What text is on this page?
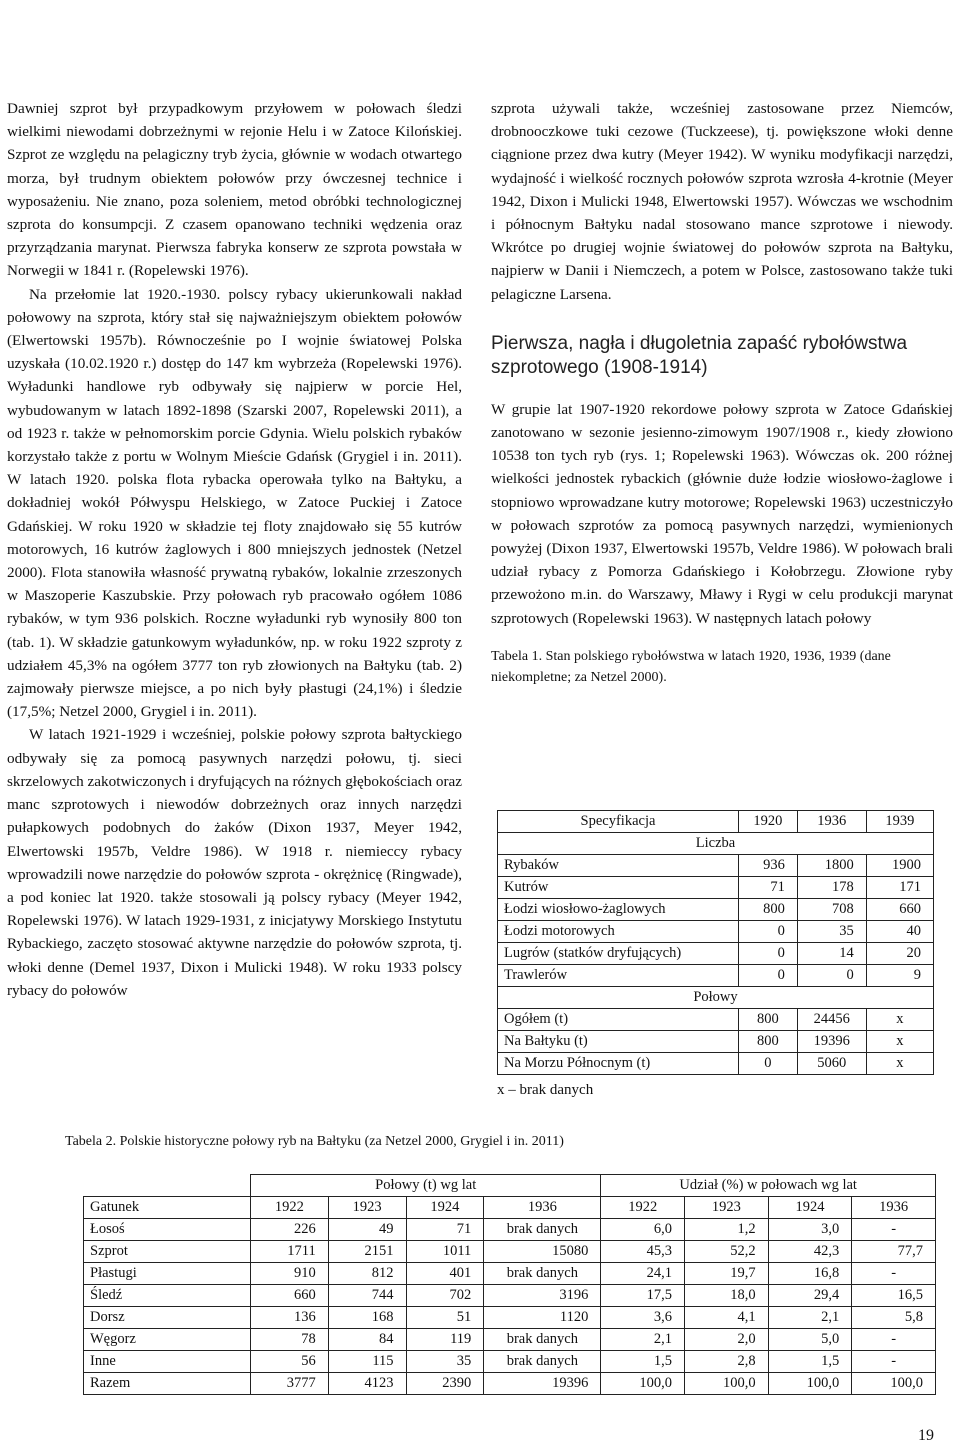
Dawniej szprot był przypadkowym przyłowem w połowach śledzi wielkimi niewodami dobrzeżnymi w rejonie Helu i w Zatoce Kilońskiej. Szprot ze względu na pelagiczny tryb życia, głównie w wodach otwartego morza, był trudnym obiektem połowów przy ówczesnej technice i wyposażeniu. Nie znano, poza soleniem, metod obróbki technologicznej szprota do konsumpcji. Z czasem opanowano techniki wędzenia oraz przyrządzania marynat. Pierwsza fabryka konserw ze szprota powstała w Norwegii w 1841 r. (Ropelewski 1976).

Na przełomie lat 1920.-1930. polscy rybacy ukierunkowali nakład połowowy na szprota, który stał się najważniejszym obiektem połowów (Elwertowski 1957b). Równocześnie po I wojnie światowej Polska uzyskała (10.02.1920 r.) dostęp do 147 km wybrzeża (Ropelewski 1976). Wyładunki handlowe ryb odbywały się najpierw w porcie Hel, wybudowanym w latach 1892-1898 (Szarski 2007, Ropelewski 2011), a od 1923 r. także w pełnomorskim porcie Gdynia. Wielu polskich rybaków korzystało także z portu w Wolnym Mieście Gdańsk (Grygiel i in. 2011). W latach 1920. polska flota rybacka operowała tylko na Bałtyku, a dokładniej wokół Półwyspu Helskiego, w Zatoce Puckiej i Zatoce Gdańskiej. W roku 1920 w składzie tej floty znajdowało się 55 kutrów motorowych, 16 kutrów żaglowych i 800 mniejszych jednostek (Netzel 2000). Flota stanowiła własność prywatną rybaków, lokalnie zrzeszonych w Maszoperie Kaszubskie. Przy połowach ryb pracowało ogółem 1086 rybaków, w tym 936 polskich. Roczne wyładunki ryb wynosiły 800 ton (tab. 1). W składzie gatunkowym wyładunków, np. w roku 1922 szproty z udziałem 45,3% na ogółem 3777 ton ryb złowionych na Bałtyku (tab. 2) zajmowały pierwsze miejsce, a po nich były płastugi (24,1%) i śledzie (17,5%; Netzel 2000, Grygiel i in. 2011).

W latach 1921-1929 i wcześniej, polskie połowy szprota bałtyckiego odbywały się za pomocą pasywnych narzędzi połowu, tj. sieci skrzelowych zakotwiczonych i dryfujących na różnych głębokościach oraz manc szprotowych i niewodów dobrzeżnych oraz innych narzędzi pułapkowych podobnych do żaków (Dixon 1937, Meyer 1942, Elwertowski 1957b, Veldre 1986). W 1918 r. niemieccy rybacy wprowadzili nowe narzędzie do połowów szprota - okrężnicę (Ringwade), a pod koniec lat 1920. także stosowali ją polscy rybacy (Meyer 1942, Ropelewski 1976). W latach 1929-1931, z inicjatywy Morskiego Instytutu Rybackiego, zaczęto stosować aktywne narzędzie do połowów szprota, tj. włoki denne (Demel 1937, Dixon i Mulicki 1948). W roku 1933 polscy rybacy do połowów

szprota używali także, wcześniej zastosowane przez Niemców, drobnooczkowe tuki cezowe (Tuckzeese), tj. powiększone włoki denne ciągnione przez dwa kutry (Meyer 1942). W wyniku modyfikacji narzędzi, wydajność i wielkość rocznych połowów szprota wzrosła 4-krotnie (Meyer 1942, Dixon i Mulicki 1948, Elwertowski 1957). Wówczas we wschodnim i północnym Bałtyku nadal stosowano mance szprotowe i niewody. Wkrótce po drugiej wojnie światowej do połowów szprota na Bałtyku, najpierw w Danii i Niemczech, a potem w Polsce, zastosowano także tuki pelagiczne Larsena.

Pierwsza, nagła i długoletnia zapaść rybołówstwa szprotowego (1908-1914)

W grupie lat 1907-1920 rekordowe połowy szprota w Zatoce Gdańskiej zanotowano w sezonie jesienno-zimowym 1907/1908 r., kiedy złowiono 10538 ton tych ryb (rys. 1; Ropelewski 1963). Wówczas ok. 200 różnej wielkości jednostek rybackich (głównie duże łodzie wiosłowo-żaglowe i stopniowo wprowadzane kutry motorowe; Ropelewski 1963) uczestniczyło w połowach szprotów za pomocą pasywnych narzędzi, wymienionych powyżej (Dixon 1937, Elwertowski 1957b, Veldre 1986). W połowach brali udział rybacy z Pomorza Gdańskiego i Kołobrzegu. Złowione ryby przewożono m.in. do Warszawy, Mławy i Rygi w celu produkcji marynat szprotowych (Ropelewski 1963). W następnych latach połowy

Tabela 1. Stan polskiego rybołówstwa w latach 1920, 1936, 1939 (dane niekompletne; za Netzel 2000).
Specyfikacja	1920	1936	1939
Liczba			
Rybaków	936	1800	1900
Kutrów	71	178	171
Łodzi wiosłowo-żaglowych	800	708	660
Łodzi motorowych	0	35	40
Lugrów (statków dryfujących)	0	14	20
Trawlerów	0	0	9
Połowy			
Ogółem (t)	800	24456	x
Na Bałtyku (t)	800	19396	x
Na Morzu Północnym (t)	0	5060	x
x – brak danych
Tabela 2. Polskie historyczne połowy ryb na Bałtyku (za Netzel 2000, Grygiel i in. 2011)
	Połowy (t) wg lat				Udział (%) w połowach wg lat			
Gatunek	1922	1923	1924	1936	1922	1923	1924	1936
Łosoś	226	49	71	brak danych	6,0	1,2	3,0	-
Szprot	1711	2151	1011	15080	45,3	52,2	42,3	77,7
Płastugi	910	812	401	brak danych	24,1	19,7	16,8	-
Śledź	660	744	702	3196	17,5	18,0	29,4	16,5
Dorsz	136	168	51	1120	3,6	4,1	2,1	5,8
Węgorz	78	84	119	brak danych	2,1	2,0	5,0	-
Inne	56	115	35	brak danych	1,5	2,8	1,5	-
Razem	3777	4123	2390	19396	100,0	100,0	100,0	100,0
19
